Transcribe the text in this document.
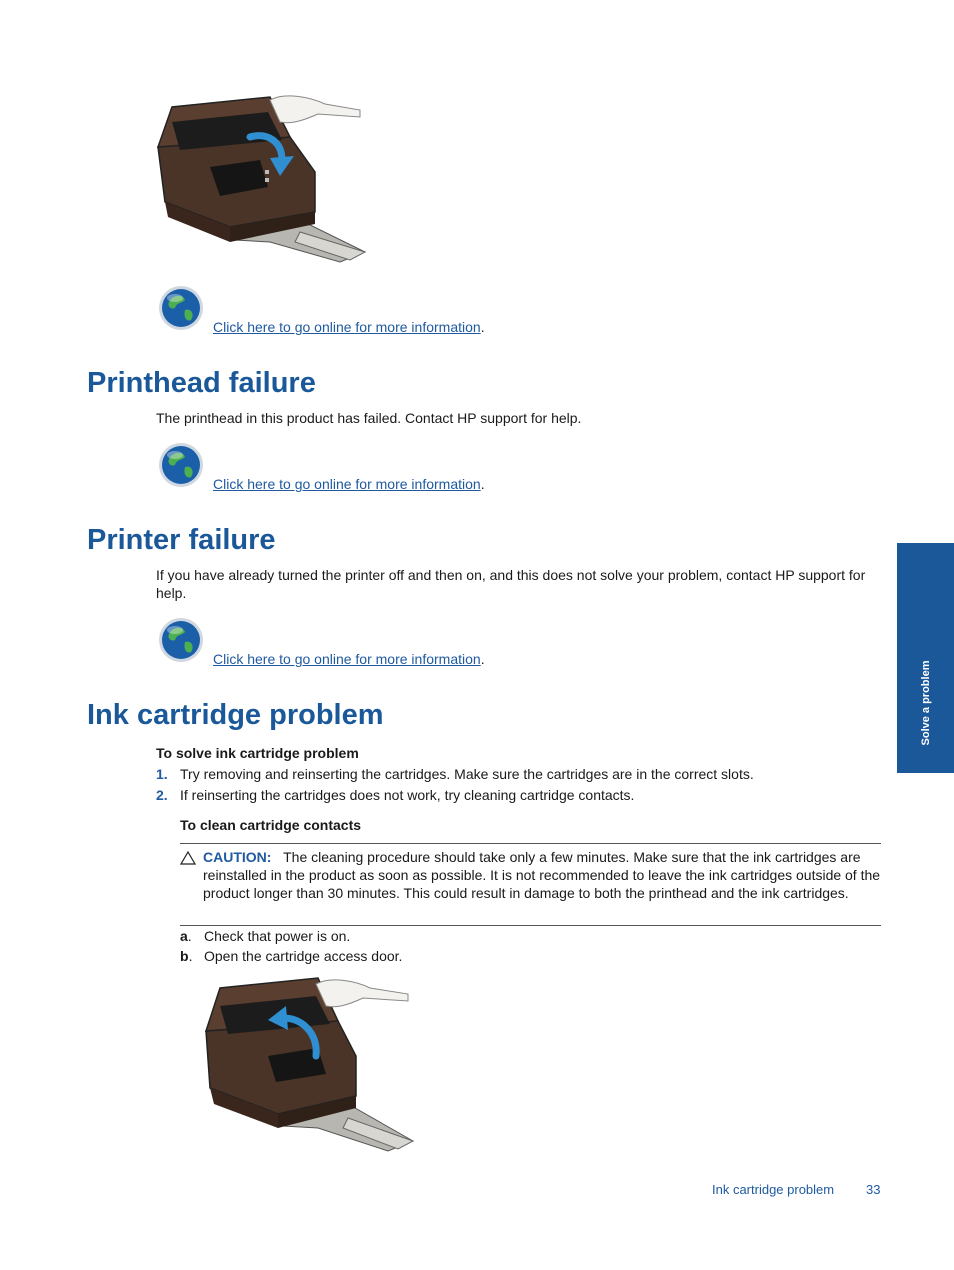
Click here to go online for more information.

Printhead failure

The printhead in this product has failed. Contact HP support for help.

Click here to go online for more information.

Printer failure

If you have already turned the printer off and then on, and this does not solve your problem, contact HP support for help.

Click here to go online for more information.

Ink cartridge problem

To solve ink cartridge problem

1. Try removing and reinserting the cartridges. Make sure the cartridges are in the correct slots.

2. If reinserting the cartridges does not work, try cleaning cartridge contacts.

To clean cartridge contacts

CAUTION: The cleaning procedure should take only a few minutes. Make sure that the ink cartridges are reinstalled in the product as soon as possible. It is not recommended to leave the ink cartridges outside of the product longer than 30 minutes. This could result in damage to both the printhead and the ink cartridges.

a. Check that power is on.

b. Open the cartridge access door.

Solve a problem

Ink cartridge problem 33
